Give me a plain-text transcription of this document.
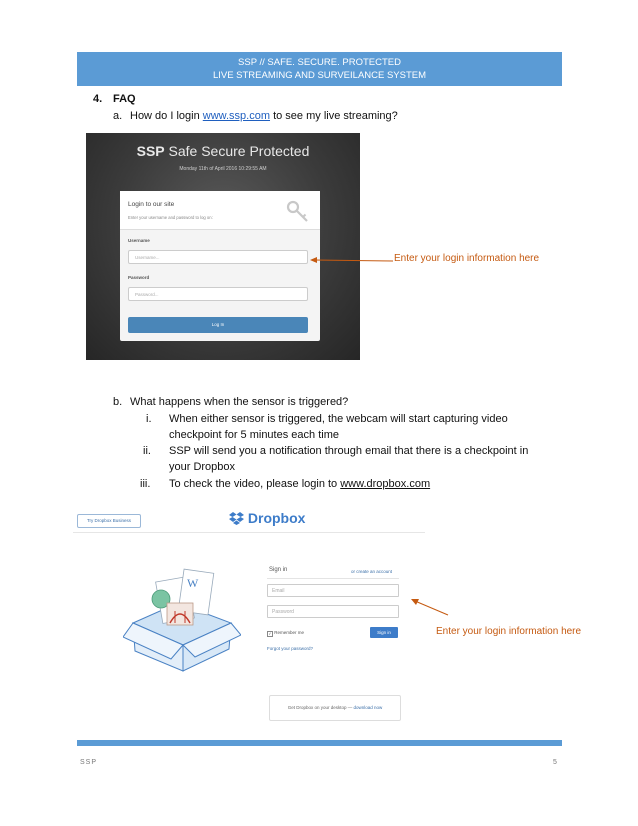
SSP // SAFE. SECURE. PROTECTED
LIVE STREAMING AND SURVEILANCE SYSTEM
4. FAQ
a. How do I login www.ssp.com to see my live streaming?
SSP Safe Secure Protected
Monday 11th of April 2016 10:29:55 AM
Login to our site
Enter your username and password to log on:
Username
Username...
Password
Password...
Log In
Enter your login information here
b. What happens when the sensor is triggered?
i. When either sensor is triggered, the webcam will start capturing video
checkpoint for 5 minutes each time
ii. SSP will send you a notification through email that there is a checkpoint in
your Dropbox
iii. To check the video, please login to www.dropbox.com
Try Dropbox Business	Dropbox
W
Sign in	or create an account
Email
Password
✓ Remember me	Sign in
Forgot your password?
Get Dropbox on your desktop — download now
Enter your login information here
SSP	5
